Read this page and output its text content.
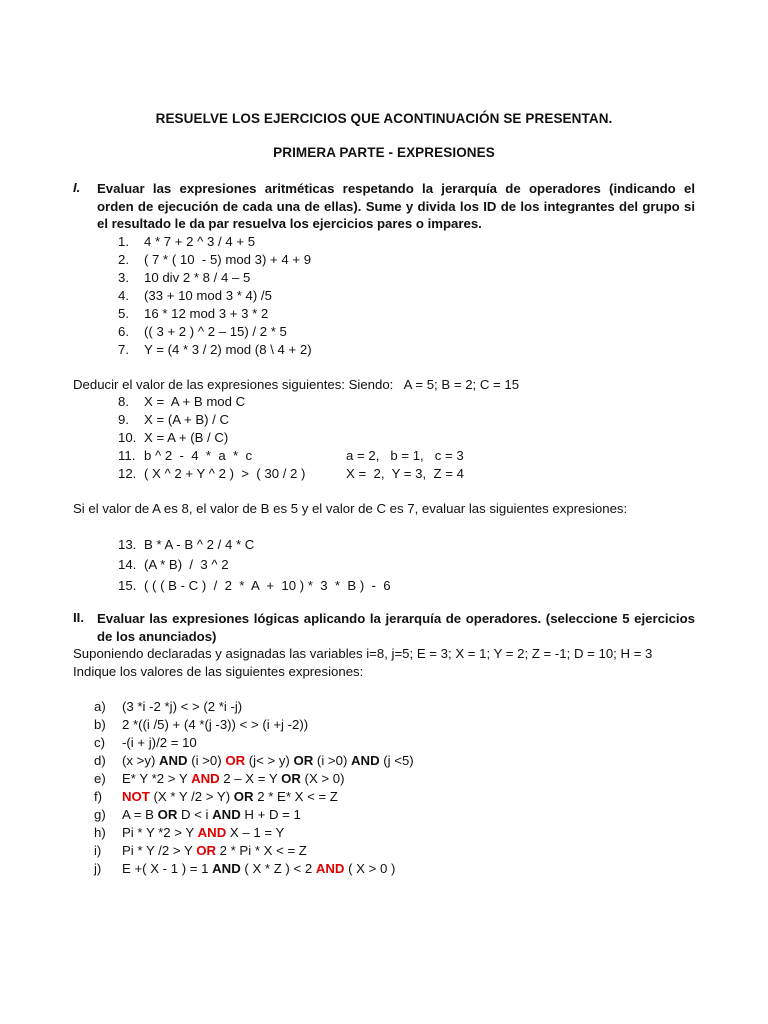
RESUELVE LOS EJERCICIOS QUE ACONTINUACIÓN SE PRESENTAN.
PRIMERA PARTE - EXPRESIONES
I. Evaluar las expresiones aritméticas respetando la jerarquía de operadores (indicando el
orden de ejecución de cada una de ellas). Sume y divida los ID de los integrantes del grupo si
el resultado le da par resuelva los ejercicios pares o impares.
1. 4 * 7 + 2 ^ 3 / 4 + 5
2. ( 7 * ( 10  - 5) mod 3) + 4 + 9
3. 10 div 2 * 8 / 4 – 5
4. (33 + 10 mod 3 * 4) /5
5. 16 * 12 mod 3 + 3 * 2
6. (( 3 + 2 ) ^ 2 – 15) / 2 * 5
7. Y = (4 * 3 / 2) mod (8 \ 4 + 2)
Deducir el valor de las expresiones siguientes: Siendo:   A = 5; B = 2; C = 15
8. X =  A + B mod C
9. X = (A + B) / C
10. X = A + (B / C)
11. b ^ 2  -  4  *  a  *  c	a = 2,   b = 1,   c = 3
12. ( X ^ 2 + Y ^ 2 )  >  ( 30 / 2 )	X =  2,  Y = 3,  Z = 4
Si el valor de A es 8, el valor de B es 5 y el valor de C es 7, evaluar las siguientes expresiones:
13. B * A - B ^ 2 / 4 * C
14. (A * B)  /  3 ^ 2
15. ( ( ( B - C )  /  2  *  A  +  10 ) *  3  *  B )  -  6
II. Evaluar las expresiones lógicas aplicando la jerarquía de operadores. (seleccione 5 ejercicios
de los anunciados)
Suponiendo declaradas y asignadas las variables i=8, j=5; E = 3; X = 1; Y = 2; Z = -1; D = 10; H = 3
Indique los valores de las siguientes expresiones:
a) (3 *i -2 *j) < > (2 *i -j)
b) 2 *((i /5) + (4 *(j -3)) < > (i +j -2))
c) -(i + j)/2 = 10
d) (x >y) AND (i >0) OR (j< > y) OR (i >0) AND (j <5)
e) E* Y *2 > Y AND 2 – X = Y OR (X > 0)
f) NOT (X * Y /2 > Y) OR 2 * E* X < = Z
g) A = B OR D < i AND H + D = 1
h) Pi * Y *2 > Y AND X – 1 = Y
i) Pi * Y /2 > Y OR 2 * Pi * X < = Z
j) E +( X - 1 ) = 1 AND ( X * Z ) < 2 AND ( X > 0 )
